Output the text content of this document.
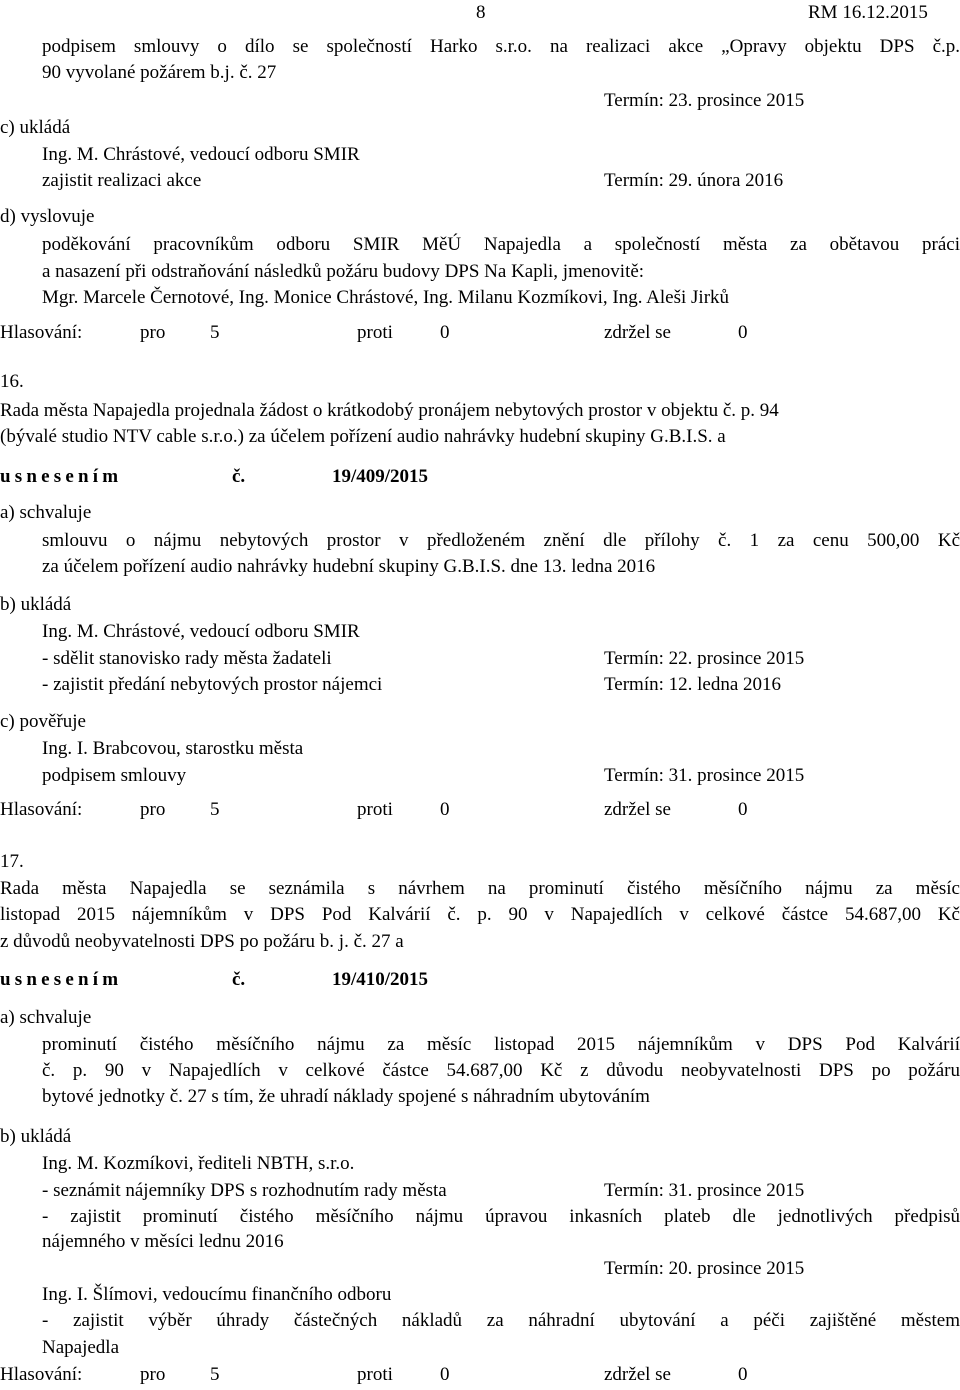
8	RM 16.12.2015
podpisem smlouvy o dílo se společností Harko s.r.o. na realizaci akce „Opravy objektu DPS č.p.
90 vyvolané požárem b.j. č. 27
Termín: 23. prosince 2015
c) ukládá
Ing. M. Chrástové, vedoucí odboru SMIR
zajistit realizaci akce	Termín: 29. února 2016
d) vyslovuje
poděkování pracovníkům odboru SMIR MěÚ Napajedla a společností města za obětavou práci
a nasazení při odstraňování následků požáru budovy DPS Na Kapli, jmenovitě:
Mgr. Marcele Černotové, Ing. Monice Chrástové, Ing. Milanu Kozmíkovi, Ing. Aleši Jirků
Hlasování:	pro 5	proti 0	zdržel se	0
16.
Rada města Napajedla projednala žádost o krátkodobý pronájem nebytových prostor v objektu č. p. 94
(bývalé studio NTV cable s.r.o.) za účelem pořízení audio nahrávky hudební skupiny G.B.I.S. a
usnesením	č.	19/409/2015
a) schvaluje
smlouvu o nájmu nebytových prostor v předloženém znění dle přílohy č. 1 za cenu 500,00 Kč
za účelem pořízení audio nahrávky hudební skupiny G.B.I.S. dne 13. ledna 2016
b) ukládá
Ing. M. Chrástové, vedoucí odboru SMIR
- sdělit stanovisko rady města žadateli	Termín: 22. prosince 2015
- zajistit předání nebytových prostor nájemci	Termín: 12. ledna 2016
c) pověřuje
Ing. I. Brabcovou, starostku města
podpisem smlouvy	Termín: 31. prosince 2015
Hlasování:	pro 5	proti 0	zdržel se	0
17.
Rada města Napajedla se seznámila s návrhem na prominutí čistého měsíčního nájmu za měsíc
listopad 2015 nájemníkům v DPS Pod Kalvárií č. p. 90 v Napajedlích v celkové částce 54.687,00 Kč
z důvodů neobyvatelnosti DPS po požáru b. j. č. 27 a
usnesením	č.	19/410/2015
a) schvaluje
prominutí čistého měsíčního nájmu za měsíc listopad 2015 nájemníkům v DPS Pod Kalvárií
č. p. 90 v Napajedlích v celkové částce 54.687,00 Kč z důvodu neobyvatelnosti DPS po požáru
bytové jednotky č. 27 s tím, že uhradí náklady spojené s náhradním ubytováním
b) ukládá
Ing. M. Kozmíkovi, řediteli NBTH, s.r.o.
- seznámit nájemníky DPS s rozhodnutím rady města	Termín: 31. prosince 2015
- zajistit prominutí čistého měsíčního nájmu úpravou inkasních plateb dle jednotlivých předpisů
nájemného v měsíci lednu 2016
Termín: 20. prosince 2015
Ing. I. Šlímovi, vedoucímu finančního odboru
- zajistit výběr úhrady částečných nákladů za náhradní ubytování a péči zajištěné městem
Napajedla
Hlasování:	pro 5	proti 0	zdržel se	0
